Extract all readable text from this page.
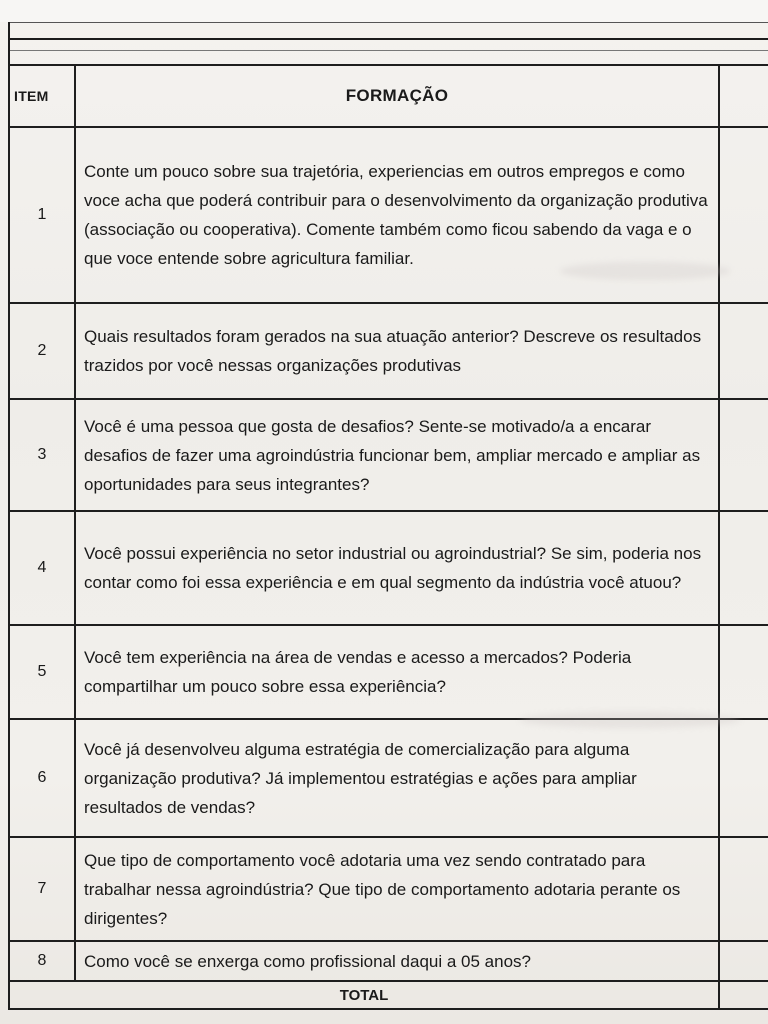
ITEM	FORMAÇÃO	
1	Conte um pouco sobre sua trajetória, experiencias em outros empregos e como voce acha que poderá contribuir para o desenvolvimento da organização produtiva (associação ou cooperativa). Comente também como ficou sabendo da vaga e o que voce entende sobre agricultura familiar.	
2	Quais resultados foram gerados na sua atuação anterior? Descreve os resultados trazidos por você nessas organizações produtivas	
3	Você é uma pessoa que gosta de desafios? Sente-se motivado/a a encarar desafios de fazer uma agroindústria funcionar bem, ampliar mercado e ampliar as oportunidades para seus integrantes?	
4	Você possui experiência no setor industrial ou agroindustrial? Se sim, poderia nos contar como foi essa experiência e em qual segmento da indústria você atuou?	
5	Você tem experiência na área de vendas e acesso a mercados? Poderia compartilhar um pouco sobre essa experiência?	
6	Você já desenvolveu alguma estratégia de comercialização para alguma organização produtiva? Já implementou estratégias e ações para ampliar resultados de vendas?	
7	Que tipo de comportamento você adotaria uma vez sendo contratado para trabalhar nessa agroindústria? Que tipo de comportamento adotaria perante os dirigentes?	
8	Como você se enxerga como profissional daqui a 05 anos?	
TOTAL		
